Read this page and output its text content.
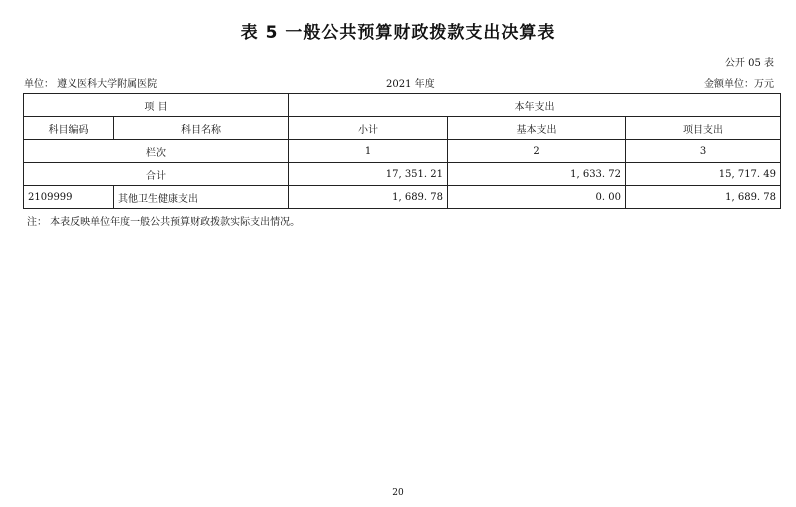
表 5 一般公共预算财政拨款支出决算表
公开 05 表
单位： 遵义医科大学附属医院	2021 年度	金额单位：万元
项 目		本年支出		
科目编码	科目名称	小计	基本支出	项目支出
栏次		1	2	3
合计		17, 351. 21	1, 633. 72	15, 717. 49
2109999	其他卫生健康支出	1, 689. 78	0. 00	1, 689. 78
注： 本表反映单位年度一般公共预算财政拨款实际支出情况。
20
